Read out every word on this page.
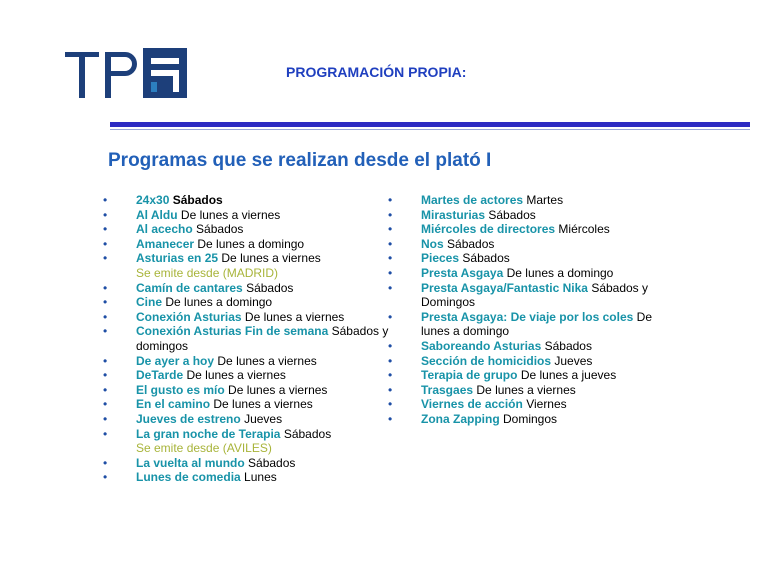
PROGRAMACIÓN PROPIA:
Programas que se realizan desde el plató I
• 24x30 Sábados
• Al Aldu De lunes a viernes
• Al acecho Sábados
• Amanecer De lunes a domingo
• Asturias en 25 De lunes a viernes
Se emite desde (MADRID)
• Camín de cantares Sábados
• Cine De lunes a domingo
• Conexión Asturias De lunes a viernes
• Conexión Asturias Fin de semana Sábados y domingos
• De ayer a hoy De lunes a viernes
• DeTarde De lunes a viernes
• El gusto es mío De lunes a viernes
• En el camino De lunes a viernes
• Jueves de estreno Jueves
• La gran noche de Terapia Sábados
Se emite desde (AVILES)
• La vuelta al mundo Sábados
• Lunes de comedia Lunes
• Martes de actores Martes
• Mirasturias Sábados
• Miércoles de directores Miércoles
• Nos Sábados
• Pieces Sábados
• Presta Asgaya De lunes a domingo
• Presta Asgaya/Fantastic Nika Sábados y Domingos
• Presta Asgaya: De viaje por los coles De lunes a domingo
• Saboreando Asturias Sábados
• Sección de homicidios Jueves
• Terapia de grupo De lunes a jueves
• Trasgaes De lunes a viernes
• Viernes de acción Viernes
• Zona Zapping Domingos
